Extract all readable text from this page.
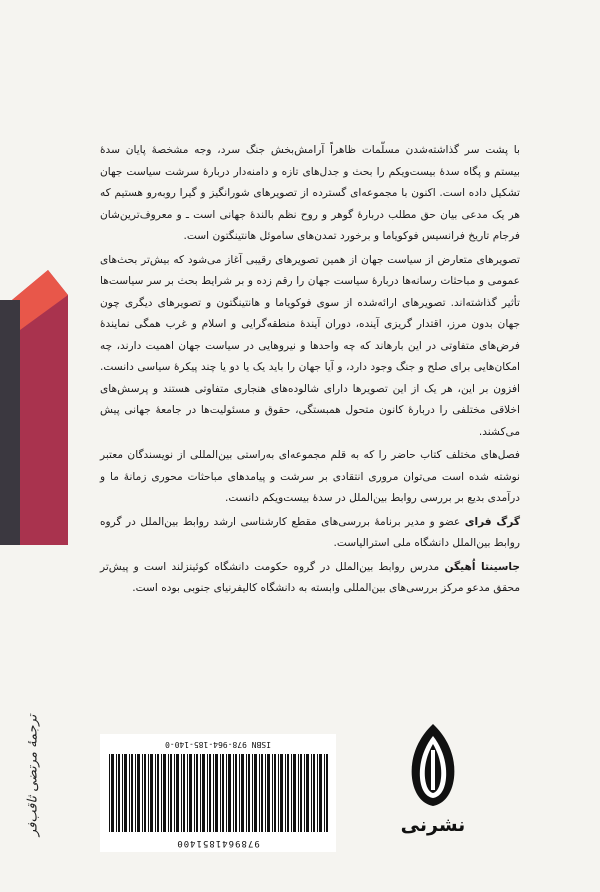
با پشت سر گذاشته‌شدن مسلّمات ظاهراً آرامش‌بخش جنگ سرد، وجه مشخصهٔ پایان سدهٔ بیستم و پگاه سدهٔ بیست‌ویکم را بحث و جدل‌های تازه و دامنه‌دار دربارهٔ سرشت سیاست جهان تشکیل داده است. اکنون با مجموعه‌ای گسترده از تصویرهای شورانگیز و گیرا روبه‌رو هستیم که هر یک مدعی بیان حق مطلب دربارهٔ گوهر و روح نظم بالندهٔ جهانی است ـ و معروف‌ترین‌شان فرجام تاریخ فرانسیس فوکویاما و برخورد تمدن‌های ساموئل هانتینگتون است.

تصویرهای متعارض از سیاست جهان از همین تصویرهای رقیبی آغاز می‌شود که بیش‌تر بحث‌های عمومی و مباحثات رسانه‌ها دربارهٔ سیاست جهان را رقم زده و بر شرایط بحث بر سر سیاست‌ها تأثیر گذاشته‌اند. تصویرهای ارائه‌شده از سوی فوکویاما و هانتینگتون و تصویرهای دیگری چون جهان بدون مرز، اقتدار گریزی آینده، دوران آیندهٔ منطقه‌گرایی و اسلام و غرب همگی نمایندهٔ فرض‌های متفاوتی در این بارهاند که چه واحدها و نیروهایی در سیاست جهان اهمیت دارند، چه امکان‌هایی برای صلح و جنگ وجود دارد، و آیا جهان را باید یک یا دو یا چند پیکرهٔ سیاسی دانست. افزون بر این، هر یک از این تصویرها دارای شالوده‌های هنجاری متفاوتی هستند و پرسش‌های اخلاقی مختلفی را دربارهٔ کانون متحول همبستگی، حقوق و مسئولیت‌ها در جامعهٔ جهانی پیش می‌کشند.

فصل‌های مختلف کتاب حاضر را که به قلم مجموعه‌ای به‌راستی بین‌المللی از نویسندگان معتبر نوشته شده است می‌توان مروری انتقادی بر سرشت و پیامدهای مباحثات محوری زمانهٔ ما و درآمدی بدیع بر بررسی روابط بین‌الملل در سدهٔ بیست‌ویکم دانست.

گرگ فرای عضو و مدیر برنامهٔ بررسی‌های مقطع کارشناسی ارشد روابط بین‌الملل در گروه روابط بین‌الملل دانشگاه ملی استرالیاست.

جاسینتا اُهیگن مدرس روابط بین‌الملل در گروه حکومت دانشگاه کوئینزلند است و پیش‌تر محقق مدعو مرکز بررسی‌های بین‌المللی وابسته به دانشگاه کالیفرنیای جنوبی بوده است.

ترجمهٔ مرتضی ثاقب‌فر	ISBN 978-964-185-140-0
9789641851400
نشرنی
